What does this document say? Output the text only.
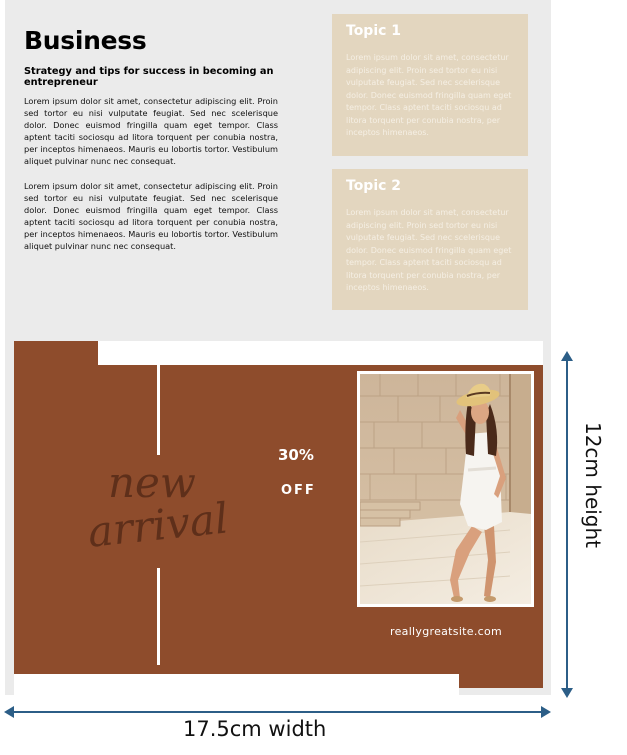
Business
Strategy and tips for success in becoming an entrepreneur
Lorem ipsum dolor sit amet, consectetur adipiscing elit. Proin sed tortor eu nisi vulputate feugiat. Sed nec scelerisque dolor. Donec euismod fringilla quam eget tempor. Class aptent taciti sociosqu ad litora torquent per conubia nostra, per inceptos himenaeos. Mauris eu lobortis tortor. Vestibulum aliquet pulvinar nunc nec consequat.
Lorem ipsum dolor sit amet, consectetur adipiscing elit. Proin sed tortor eu nisi vulputate feugiat. Sed nec scelerisque dolor. Donec euismod fringilla quam eget tempor. Class aptent taciti sociosqu ad litora torquent per conubia nostra, per inceptos himenaeos. Mauris eu lobortis tortor. Vestibulum aliquet pulvinar nunc nec consequat.
Topic 1
Lorem ipsum dolor sit amet, consectetur adipiscing elit. Proin sed tortor eu nisi vulputate feugiat. Sed nec scelerisque dolor. Donec euismod fringilla quam eget tempor. Class aptent taciti sociosqu ad litora torquent per conubia nostra, per inceptos himenaeos.
Topic 2
Lorem ipsum dolor sit amet, consectetur adipiscing elit. Proin sed tortor eu nisi vulputate feugiat. Sed nec scelerisque dolor. Donec euismod fringilla quam eget tempor. Class aptent taciti sociosqu ad litora torquent per conubia nostra, per inceptos himenaeos.
new
arrival
30%
OFF
reallygreatsite.com
17.5cm width
12cm height
